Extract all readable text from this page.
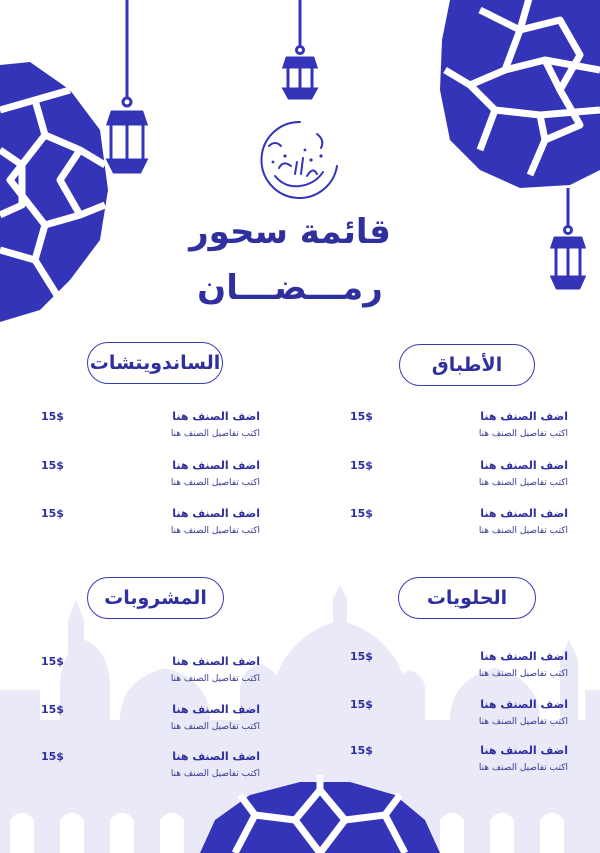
قائمة سحور
رمـــضـــان
الأطباق
اضف الصنف هنا
اكتب تفاصيل الصنف هنا
15$
اضف الصنف هنا
اكتب تفاصيل الصنف هنا
15$
اضف الصنف هنا
اكتب تفاصيل الصنف هنا
15$
الساندويتشات
اضف الصنف هنا
اكتب تفاصيل الصنف هنا
15$
اضف الصنف هنا
اكتب تفاصيل الصنف هنا
15$
اضف الصنف هنا
اكتب تفاصيل الصنف هنا
15$
الحلويات
اضف الصنف هنا
اكتب تفاصيل الصنف هنا
15$
اضف الصنف هنا
اكتب تفاصيل الصنف هنا
15$
اضف الصنف هنا
اكتب تفاصيل الصنف هنا
15$
المشروبات
اضف الصنف هنا
اكتب تفاصيل الصنف هنا
15$
اضف الصنف هنا
اكتب تفاصيل الصنف هنا
15$
اضف الصنف هنا
اكتب تفاصيل الصنف هنا
15$
